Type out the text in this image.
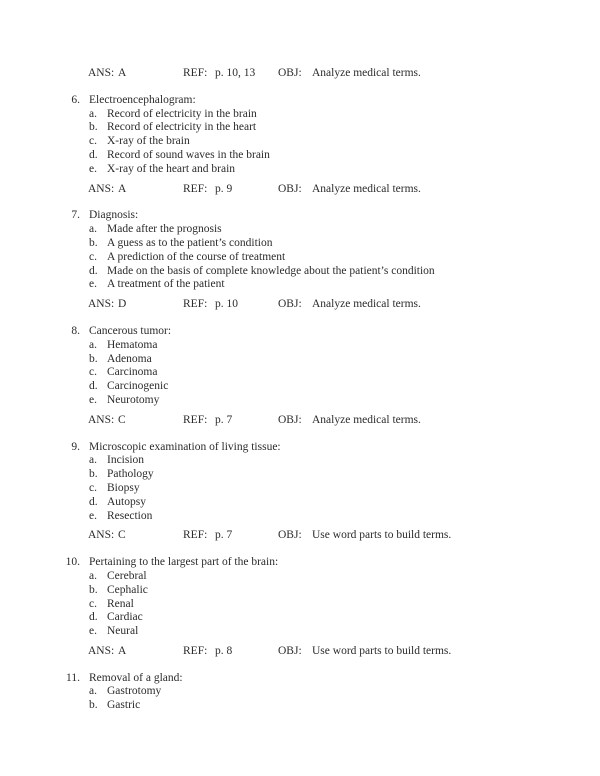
ANS: A	REF: p. 10, 13	OBJ: Analyze medical terms.
6. Electroencephalogram:
a. Record of electricity in the brain
b. Record of electricity in the heart
c. X-ray of the brain
d. Record of sound waves in the brain
e. X-ray of the heart and brain
ANS: A	REF: p. 9	OBJ: Analyze medical terms.
7. Diagnosis:
a. Made after the prognosis
b. A guess as to the patient’s condition
c. A prediction of the course of treatment
d. Made on the basis of complete knowledge about the patient’s condition
e. A treatment of the patient
ANS: D	REF: p. 10	OBJ: Analyze medical terms.
8. Cancerous tumor:
a. Hematoma
b. Adenoma
c. Carcinoma
d. Carcinogenic
e. Neurotomy
ANS: C	REF: p. 7	OBJ: Analyze medical terms.
9. Microscopic examination of living tissue:
a. Incision
b. Pathology
c. Biopsy
d. Autopsy
e. Resection
ANS: C	REF: p. 7	OBJ: Use word parts to build terms.
10. Pertaining to the largest part of the brain:
a. Cerebral
b. Cephalic
c. Renal
d. Cardiac
e. Neural
ANS: A	REF: p. 8	OBJ: Use word parts to build terms.
11. Removal of a gland:
a. Gastrotomy
b. Gastric
